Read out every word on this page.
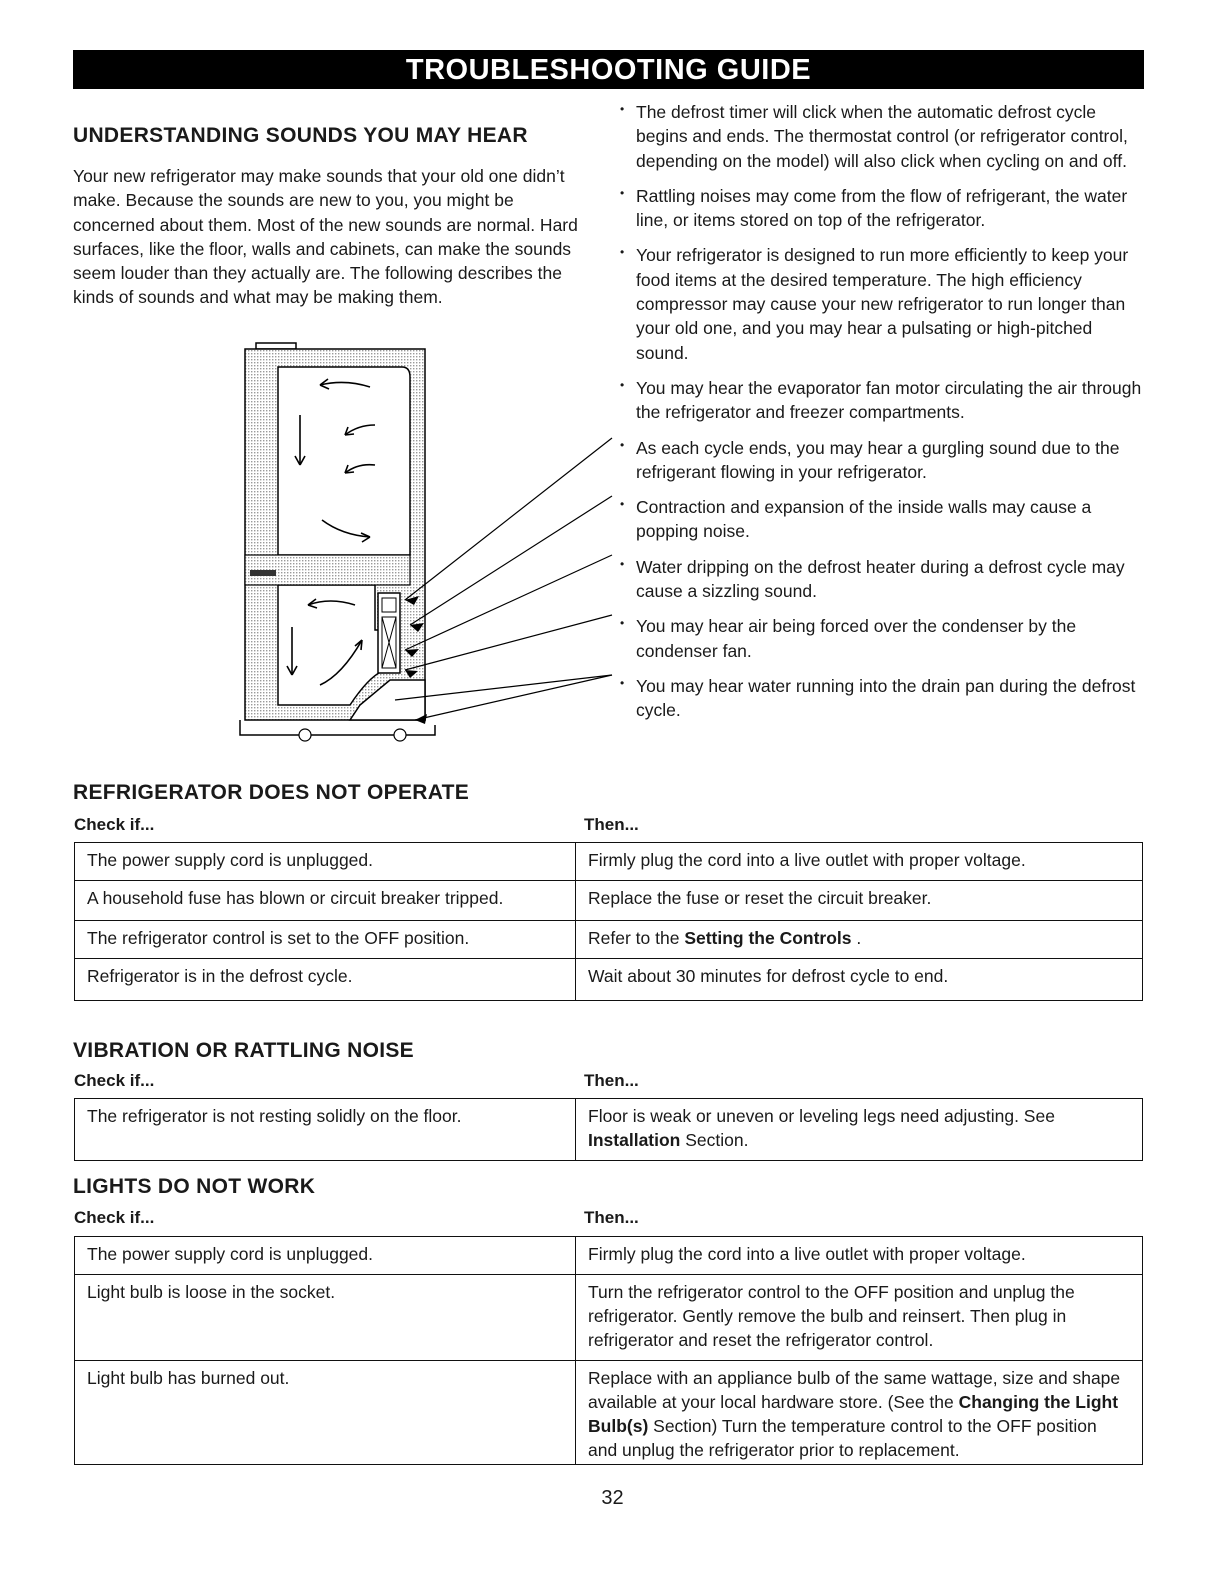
TROUBLESHOOTING GUIDE
UNDERSTANDING SOUNDS YOU MAY HEAR

Your new refrigerator may make sounds that your old one didn’t make. Because the sounds are new to you, you might be concerned about them. Most of the new sounds are normal. Hard surfaces, like the floor, walls and cabinets, can make the sounds seem louder than they actually are. The following describes the kinds of sounds and what may be making them.

• The defrost timer will click when the automatic defrost cycle begins and ends. The thermostat control (or refrigerator control, depending on the model) will also click when cycling on and off.
• Rattling noises may come from the flow of refrigerant, the water line, or items stored on top of the refrigerator.
• Your refrigerator is designed to run more efficiently to keep your food items at the desired temperature. The high efficiency compressor may cause your new refrigerator to run longer than your old one, and you may hear a pulsating or high-pitched sound.
• You may hear the evaporator fan motor circulating the air through the refrigerator and freezer compartments.
• As each cycle ends, you may hear a gurgling sound due to the refrigerant flowing in your refrigerator.
• Contraction and expansion of the inside walls may cause a popping noise.
• Water dripping on the defrost heater during a defrost cycle may cause a sizzling sound.
• You may hear air being forced over the condenser by the condenser fan.
• You may hear water running into the drain pan during the defrost cycle.
REFRIGERATOR DOES NOT OPERATE
Check if...	Then...
The power supply cord is unplugged.	Firmly plug the cord into a live outlet with proper voltage.
A household fuse has blown or circuit breaker tripped.	Replace the fuse or reset the circuit breaker.
The refrigerator control is set to the OFF position.	Refer to the Setting the Controls .
Refrigerator is in the defrost cycle.	Wait about 30 minutes for defrost cycle to end.
VIBRATION OR RATTLING NOISE
Check if...	Then...
The refrigerator is not resting solidly on the floor.	Floor is weak or uneven or leveling legs need adjusting. See Installation Section.
LIGHTS DO NOT WORK
Check if...	Then...
The power supply cord is unplugged.	Firmly plug the cord into a live outlet with proper voltage.
Light bulb is loose in the socket.	Turn the refrigerator control to the OFF position and unplug the refrigerator. Gently remove the bulb and reinsert. Then plug in refrigerator and reset the refrigerator control.
Light bulb has burned out.	Replace with an appliance bulb of the same wattage, size and shape available at your local hardware store. (See the Changing the Light Bulb(s) Section) Turn the temperature control to the OFF position and unplug the refrigerator prior to replacement.
32
